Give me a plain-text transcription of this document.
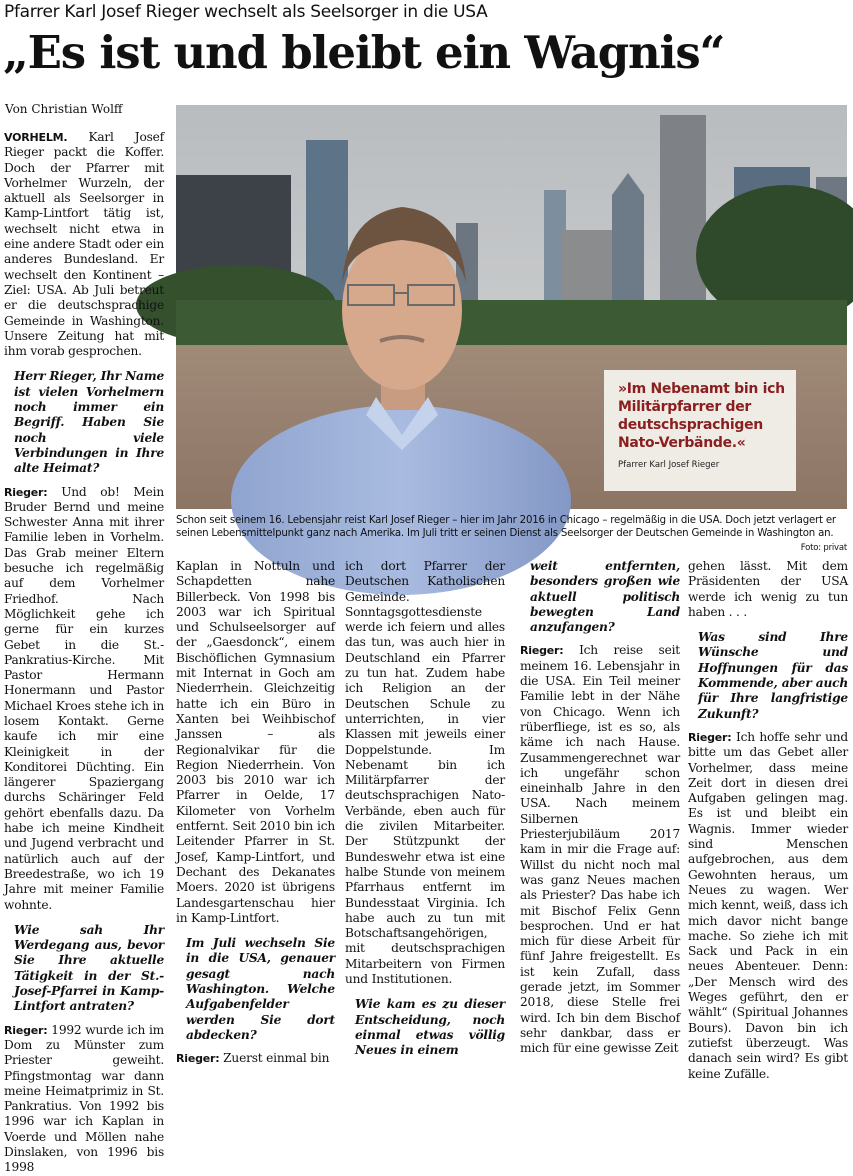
Pfarrer Karl Josef Rieger wechselt als Seelsorger in die USA
„Es ist und bleibt ein Wagnis“
Von Christian Wolff
»Im Nebenamt bin ich Militärpfarrer der deutschsprachigen Nato-Verbände.«
Pfarrer Karl Josef Rieger
Schon seit seinem 16. Lebensjahr reist Karl Josef Rieger – hier im Jahr 2016 in Chicago – regelmäßig in die USA. Doch jetzt verlagert er seinen Lebensmittelpunkt ganz nach Amerika. Im Juli tritt er seinen Dienst als Seelsorger der Deutschen Gemeinde in Washington an.
Foto: privat

VORHELM. Karl Josef Rieger packt die Koffer. Doch der Pfarrer mit Vorhelmer Wurzeln, der aktuell als Seelsorger in Kamp-Lintfort tätig ist, wechselt nicht etwa in eine andere Stadt oder ein anderes Bundesland. Er wechselt den Kontinent – Ziel: USA. Ab Juli betreut er die deutschsprachige Gemeinde in Washington. Unsere Zeitung hat mit ihm vorab gesprochen.

Herr Rieger, Ihr Name ist vielen Vorhelmern noch immer ein Begriff. Haben Sie noch viele Verbindungen in Ihre alte Heimat?

Rieger: Und ob! Mein Bruder Bernd und meine Schwester Anna mit ihrer Familie leben in Vorhelm. Das Grab meiner Eltern besuche ich regelmäßig auf dem Vorhelmer Friedhof. Nach Möglichkeit gehe ich gerne für ein kurzes Gebet in die St.-Pankratius-Kirche. Mit Pastor Hermann Honermann und Pastor Michael Kroes stehe ich in losem Kontakt. Gerne kaufe ich mir eine Kleinigkeit in der Konditorei Düchting. Ein längerer Spaziergang durchs Schäringer Feld gehört ebenfalls dazu. Da habe ich meine Kindheit und Jugend verbracht und natürlich auch auf der Breedestraße, wo ich 19 Jahre mit meiner Familie wohnte.

Wie sah Ihr Werdegang aus, bevor Sie Ihre aktuelle Tätigkeit in der St.-Josef-Pfarrei in Kamp-Lintfort antraten?

Rieger: 1992 wurde ich im Dom zu Münster zum Priester geweiht. Pfingstmontag war dann meine Heimatprimiz in St. Pankratius. Von 1992 bis 1996 war ich Kaplan in Voerde und Möllen nahe Dinslaken, von 1996 bis 1998

Kaplan in Nottuln und Schapdetten nahe Billerbeck. Von 1998 bis 2003 war ich Spiritual und Schulseelsorger auf der „Gaesdonck“, einem Bischöflichen Gymnasium mit Internat in Goch am Niederrhein. Gleichzeitig hatte ich ein Büro in Xanten bei Weihbischof Janssen – als Regionalvikar für die Region Niederrhein. Von 2003 bis 2010 war ich Pfarrer in Oelde, 17 Kilometer von Vorhelm entfernt. Seit 2010 bin ich Leitender Pfarrer in St. Josef, Kamp-Lintfort, und Dechant des Dekanates Moers. 2020 ist übrigens Landesgartenschau hier in Kamp-Lintfort.

Im Juli wechseln Sie in die USA, genauer gesagt nach Washington. Welche Aufgabenfelder werden Sie dort abdecken?

Rieger: Zuerst einmal bin

ich dort Pfarrer der Deutschen Katholischen Gemeinde. Sonntagsgottesdienste werde ich feiern und alles das tun, was auch hier in Deutschland ein Pfarrer zu tun hat. Zudem habe ich Religion an der Deutschen Schule zu unterrichten, in vier Klassen mit jeweils einer Doppelstunde. Im Nebenamt bin ich Militärpfarrer der deutschsprachigen Nato-Verbände, eben auch für die zivilen Mitarbeiter. Der Stützpunkt der Bundeswehr etwa ist eine halbe Stunde von meinem Pfarrhaus entfernt im Bundesstaat Virginia. Ich habe auch zu tun mit Botschaftsangehörigen, mit deutschsprachigen Mitarbeitern von Firmen und Institutionen.

Wie kam es zu dieser Entscheidung, noch einmal etwas völlig Neues in einem

weit entfernten, besonders großen wie aktuell politisch bewegten Land anzufangen?

Rieger: Ich reise seit meinem 16. Lebensjahr in die USA. Ein Teil meiner Familie lebt in der Nähe von Chicago. Wenn ich rüberfliege, ist es so, als käme ich nach Hause. Zusammengerechnet war ich ungefähr schon eineinhalb Jahre in den USA. Nach meinem Silbernen Priesterjubiläum 2017 kam in mir die Frage auf: Willst du nicht noch mal was ganz Neues machen als Priester? Das habe ich mit Bischof Felix Genn besprochen. Und er hat mich für diese Arbeit für fünf Jahre freigestellt. Es ist kein Zufall, dass gerade jetzt, im Sommer 2018, diese Stelle frei wird. Ich bin dem Bischof sehr dankbar, dass er mich für eine gewisse Zeit

gehen lässt. Mit dem Präsidenten der USA werde ich wenig zu tun haben . . .

Was sind Ihre Wünsche und Hoffnungen für das Kommende, aber auch für Ihre langfristige Zukunft?

Rieger: Ich hoffe sehr und bitte um das Gebet aller Vorhelmer, dass meine Zeit dort in diesen drei Aufgaben gelingen mag. Es ist und bleibt ein Wagnis. Immer wieder sind Menschen aufgebrochen, aus dem Gewohnten heraus, um Neues zu wagen. Wer mich kennt, weiß, dass ich mich davor nicht bange mache. So ziehe ich mit Sack und Pack in ein neues Abenteuer. Denn: „Der Mensch wird des Weges geführt, den er wählt“ (Spiritual Johannes Bours). Davon bin ich zutiefst überzeugt. Was danach sein wird? Es gibt keine Zufälle.
